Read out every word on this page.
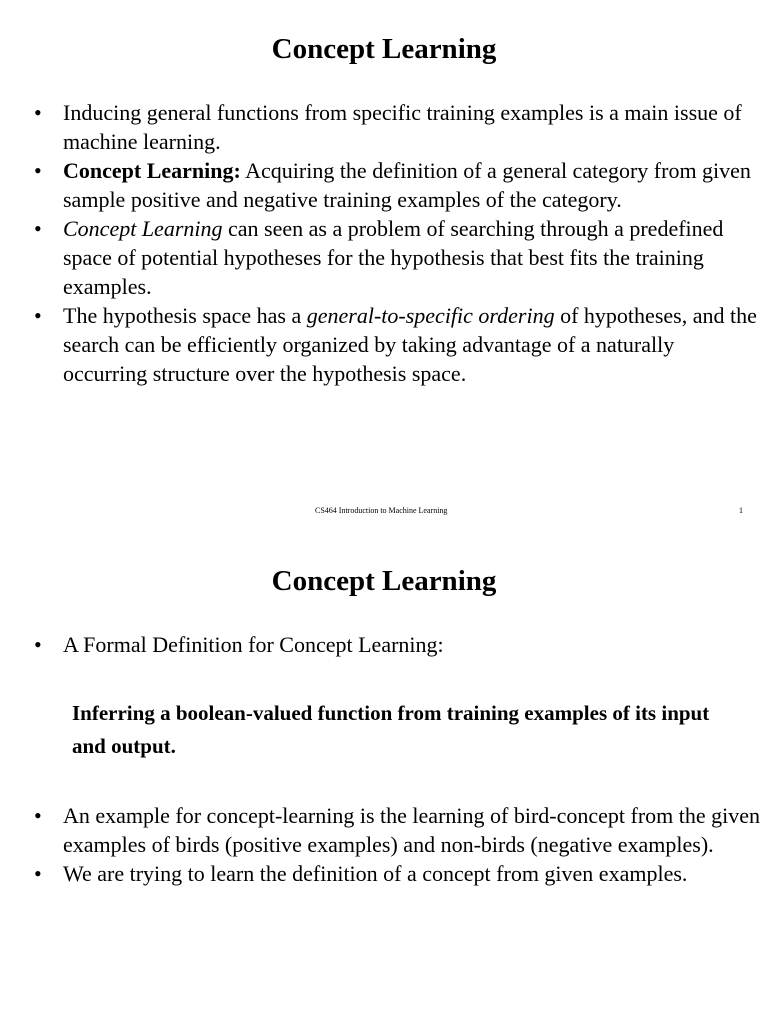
Concept Learning
• Inducing general functions from specific training examples is a main issue of machine learning.
• Concept Learning: Acquiring the definition of a general category from given sample positive and negative training examples of the category.
• Concept Learning can seen as a problem of searching through a predefined space of potential hypotheses for the hypothesis that best fits the training examples.
• The hypothesis space has a general-to-specific ordering of hypotheses, and the search can be efficiently organized by taking advantage of a naturally occurring structure over the hypothesis space.
CS464 Introduction to Machine Learning	1
Concept Learning
• A Formal Definition for Concept Learning:

Inferring a boolean-valued function from training examples of its input and output.

• An example for concept-learning is the learning of bird-concept from the given examples of birds (positive examples) and non-birds (negative examples).
• We are trying to learn the definition of a concept from given examples.
